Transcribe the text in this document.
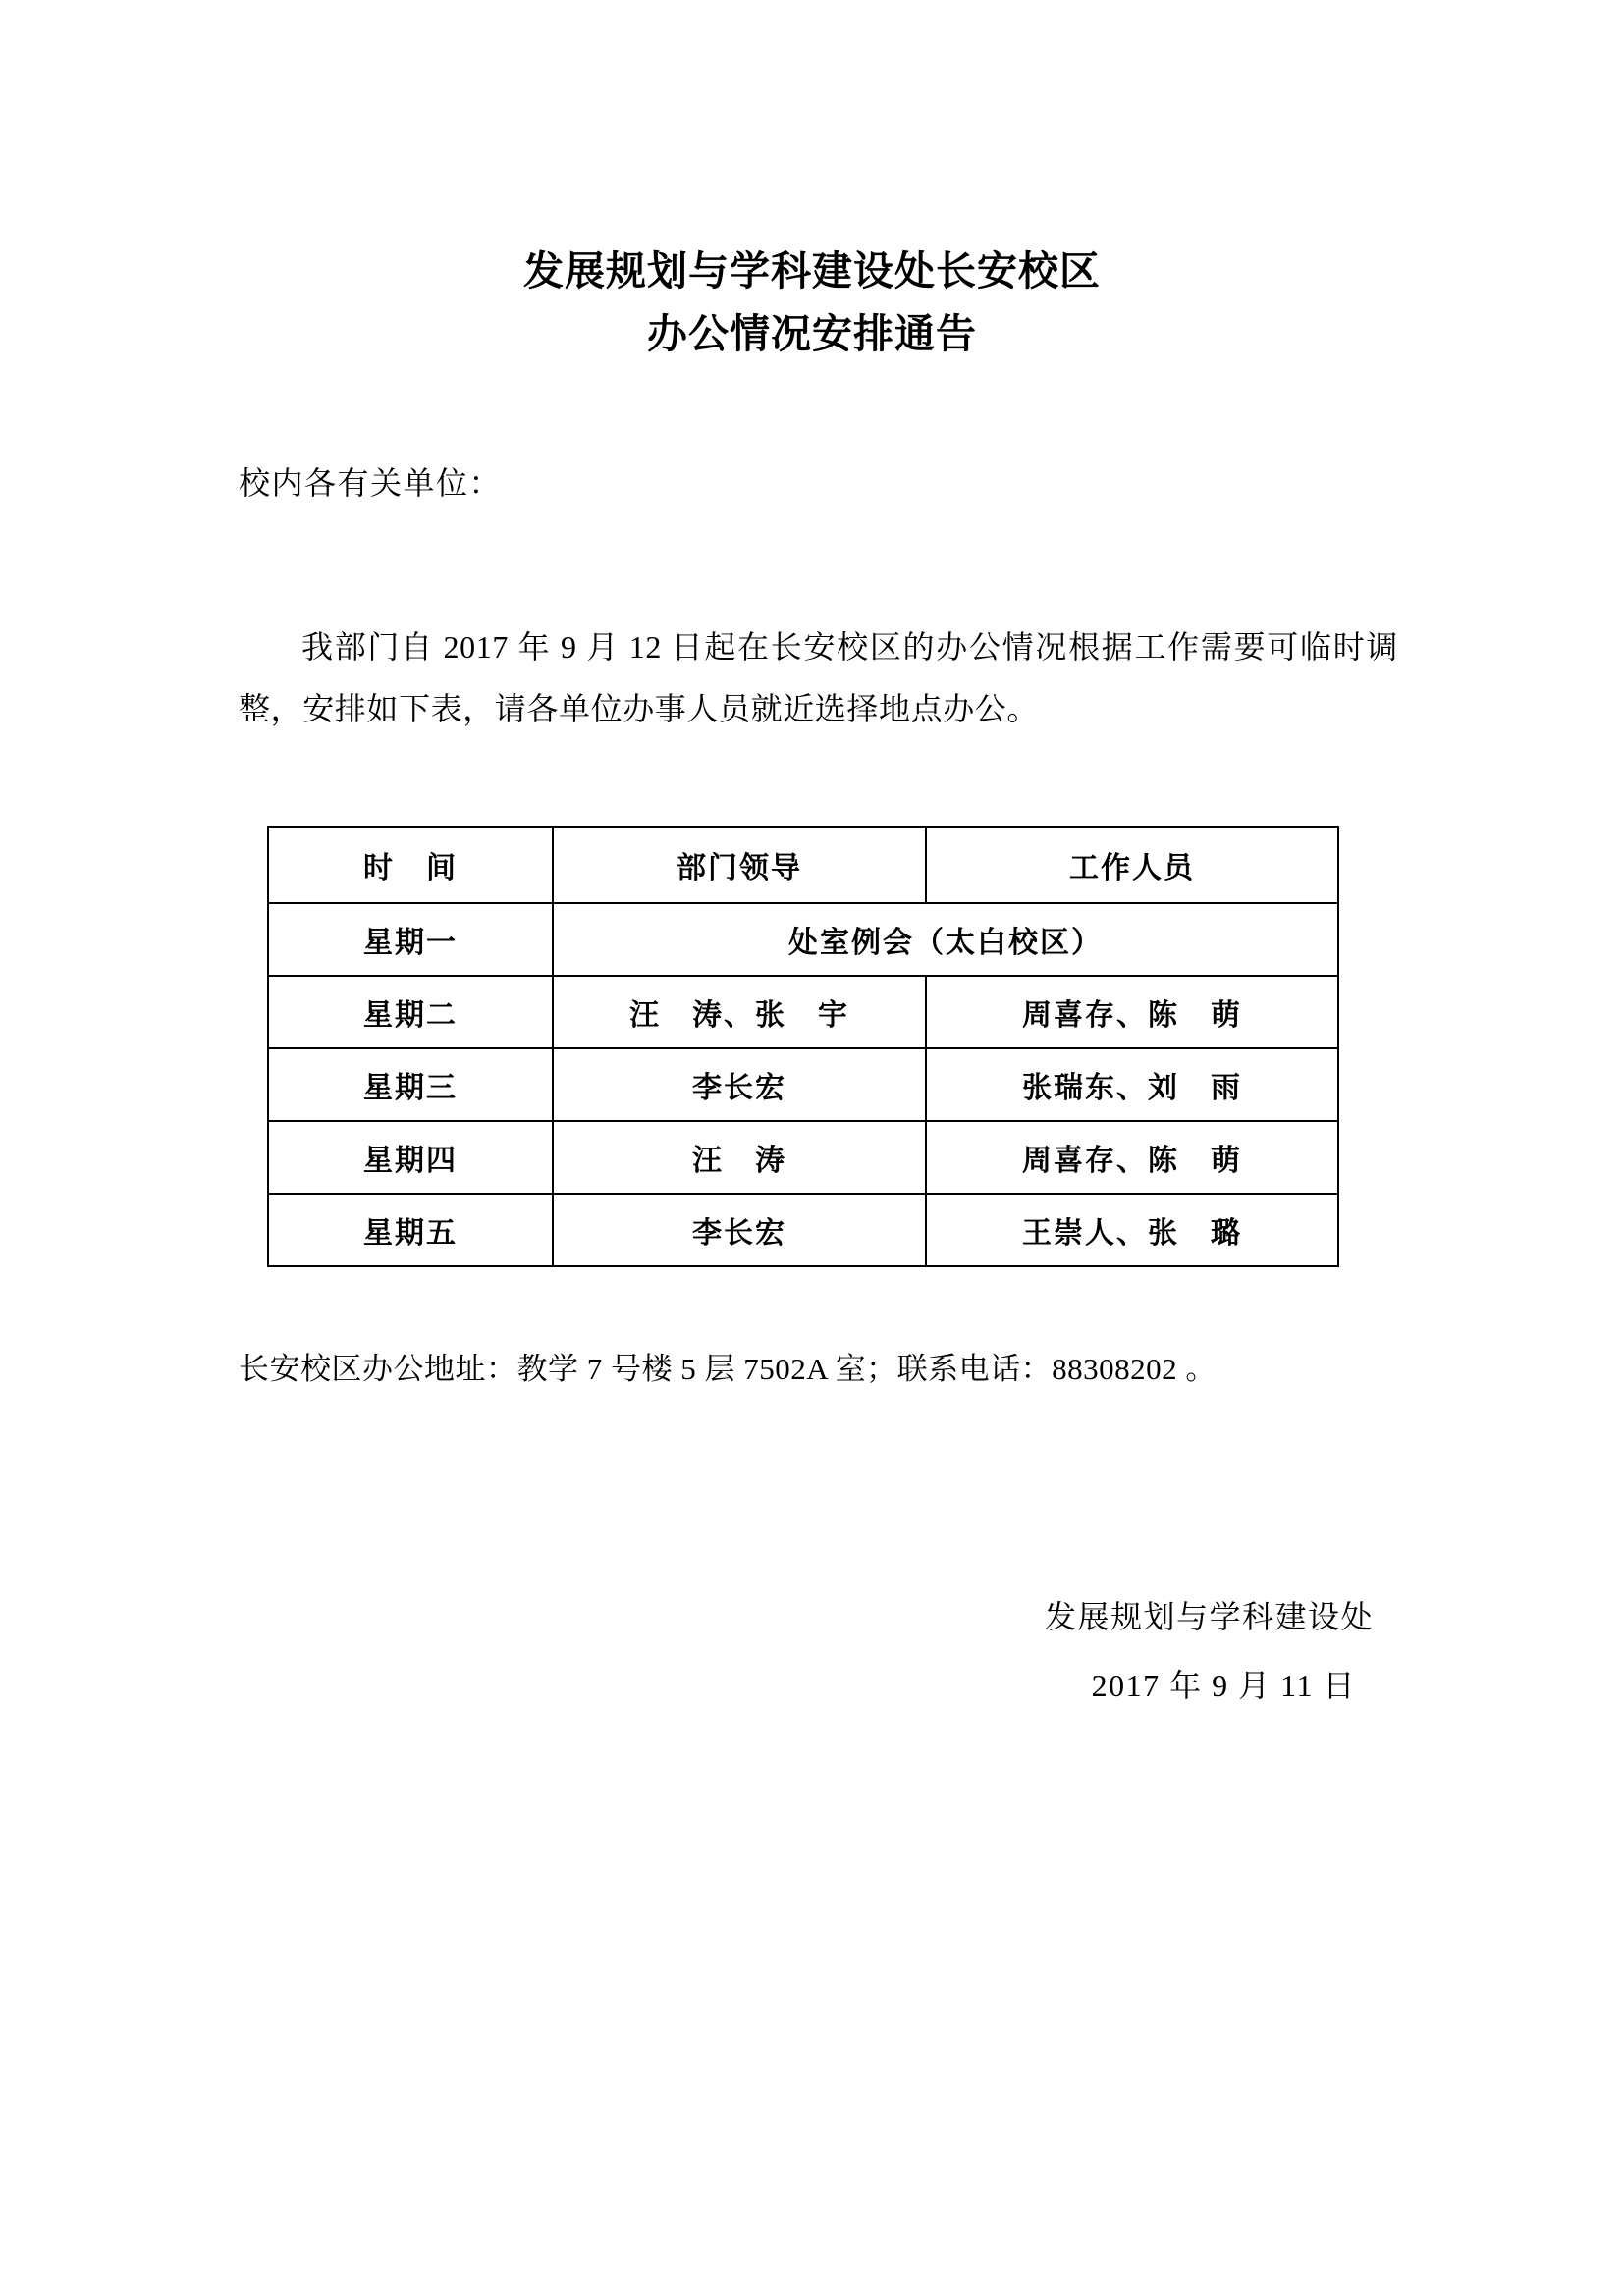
发展规划与学科建设处长安校区
办公情况安排通告
校内各有关单位：
我部门自 2017 年 9 月 12 日起在长安校区的办公情况根据工作需要可临时调整，安排如下表，请各单位办事人员就近选择地点办公。
时　间	部门领导	工作人员
星期一	处室例会（太白校区）	
星期二	汪　涛、张　宇	周喜存、陈　萌
星期三	李长宏	张瑞东、刘　雨
星期四	汪　涛	周喜存、陈　萌
星期五	李长宏	王崇人、张　璐
长安校区办公地址：教学 7 号楼 5 层 7502A 室；联系电话：88308202 。
发展规划与学科建设处
2017 年 9 月 11 日
